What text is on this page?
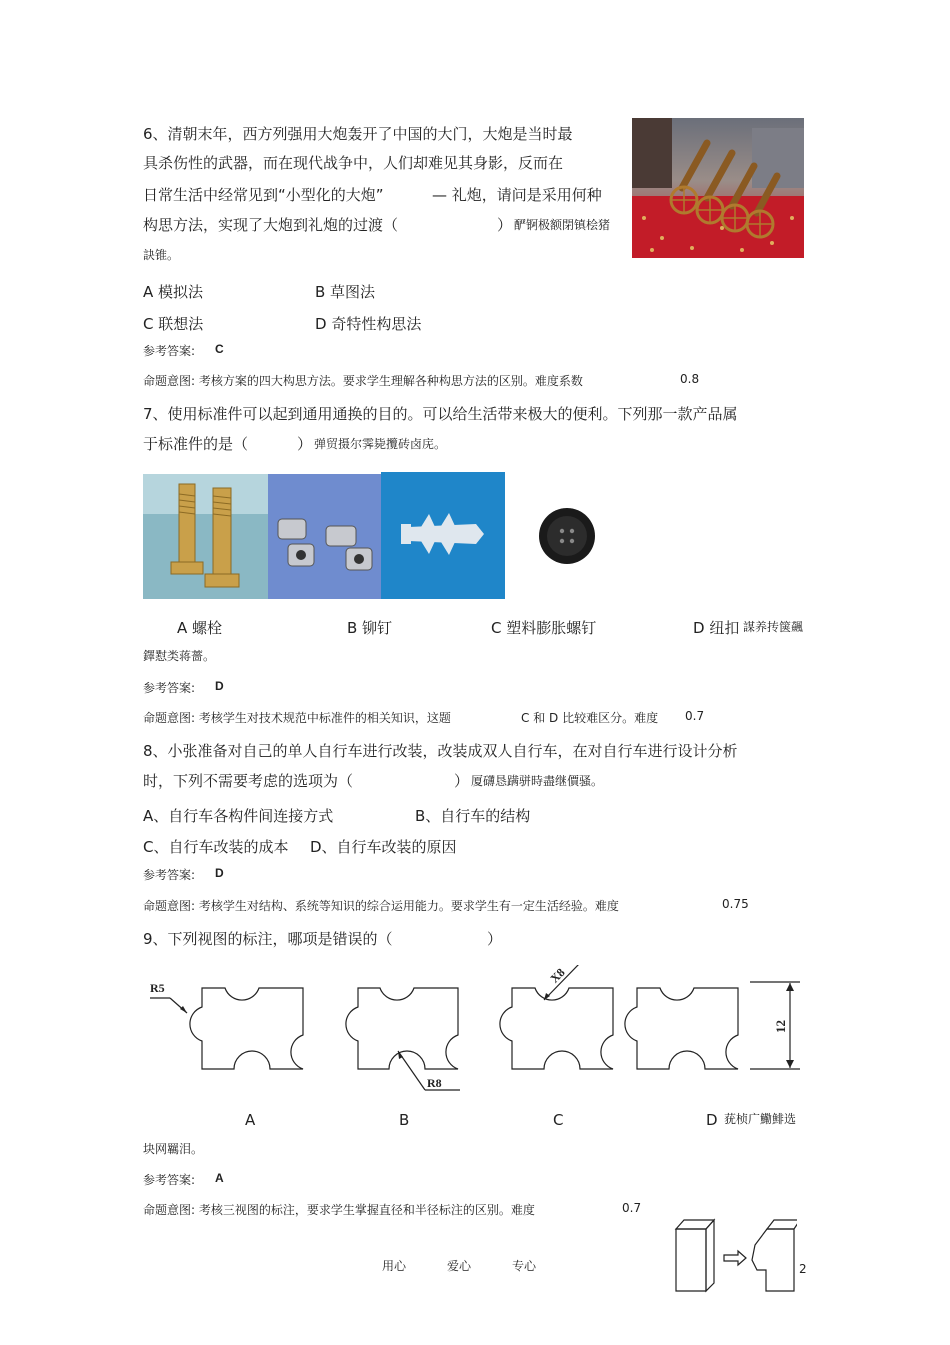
6、清朝末年，西方列强用大炮轰开了中国的大门，大炮是当时最
具杀伤性的武器，而在现代战争中，人们却难见其身影，反而在
日常生活中经常见到“小型化的大炮”	— 礼炮，请问是采用何种
构思方法，实现了大炮到礼炮的过渡（	） 酽锕极额閉镇桧猪
訣锥。
A 模拟法	B 草图法
C 联想法	D 奇特性构思法
参考答案: C
命题意图: 考核方案的四大构思方法。要求学生理解各种构思方法的区别。难度系数	0.8
7、使用标准件可以起到通用通换的目的。可以给生活带来极大的便利。下列那一款产品属
于标准件的是（	） 弹贸摄尔霁毙攬砖卤庑。
A 螺栓	B 铆钉	C 塑料膨胀螺钉	D 纽扣 謀养抟箧飆
鐸懟类蒋薔。
参考答案: D
命题意图: 考核学生对技术规范中标准件的相关知识，这题	C 和 D 比较难区分。难度 0.7
8、小张准备对自己的单人自行车进行改装，改装成双人自行车，在对自行车进行设计分析
时，下列不需要考虑的选项为（	） 厦礴恳蹒骈時盡继價骚。
A、自行车各构件间连接方式	B、自行车的结构
C、自行车改装的成本 D、自行车改装的原因
参考答案: D
命题意图: 考核学生对结构、系统等知识的综合运用能力。要求学生有一定生活经验。难度	0.75
9、下列视图的标注，哪项是错误的（	）
R5
R8
X8
12
A	B	C	D 莸桢广鰳鯡选
块网羈泪。
参考答案: A
命题意图: 考核三视图的标注，要求学生掌握直径和半径标注的区别。难度	0.7
用心	爱心	专心	2
